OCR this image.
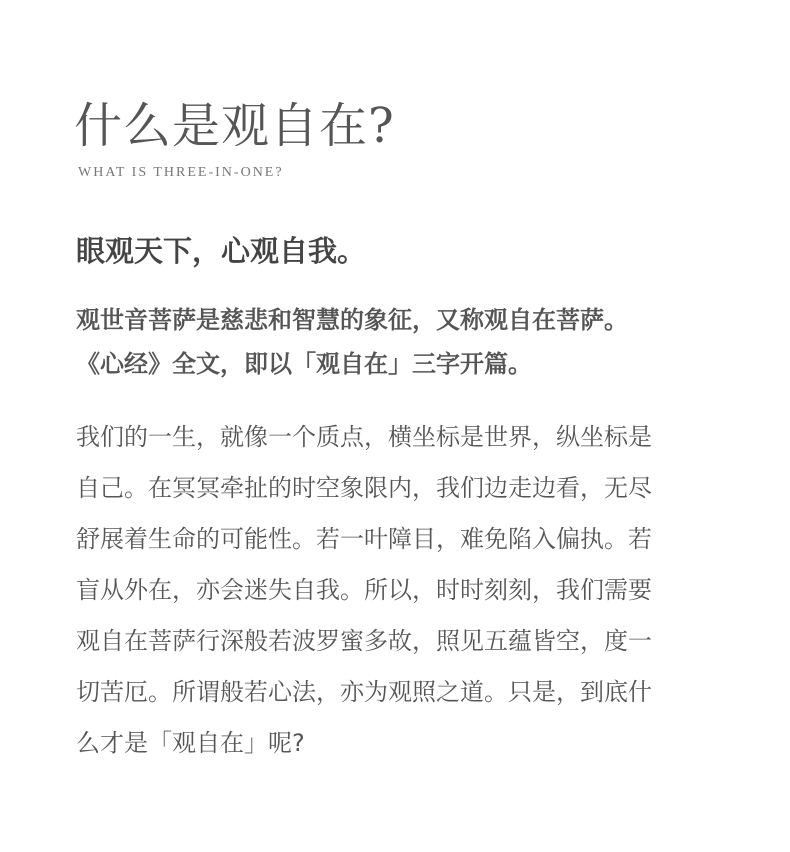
什么是观自在?
WHAT IS THREE-IN-ONE?
眼观天下，心观自我。

观世音菩萨是慈悲和智慧的象征，又称观自在菩萨。
《心经》全文，即以「观自在」三字开篇。

我们的一生，就像一个质点，横坐标是世界，纵坐标是
自己。在冥冥牵扯的时空象限内，我们边走边看，无尽
舒展着生命的可能性。若一叶障目，难免陷入偏执。若
盲从外在，亦会迷失自我。所以，时时刻刻，我们需要
观自在菩萨行深般若波罗蜜多故，照见五蕴皆空，度一
切苦厄。所谓般若心法，亦为观照之道。只是，到底什
么才是「观自在」呢?
